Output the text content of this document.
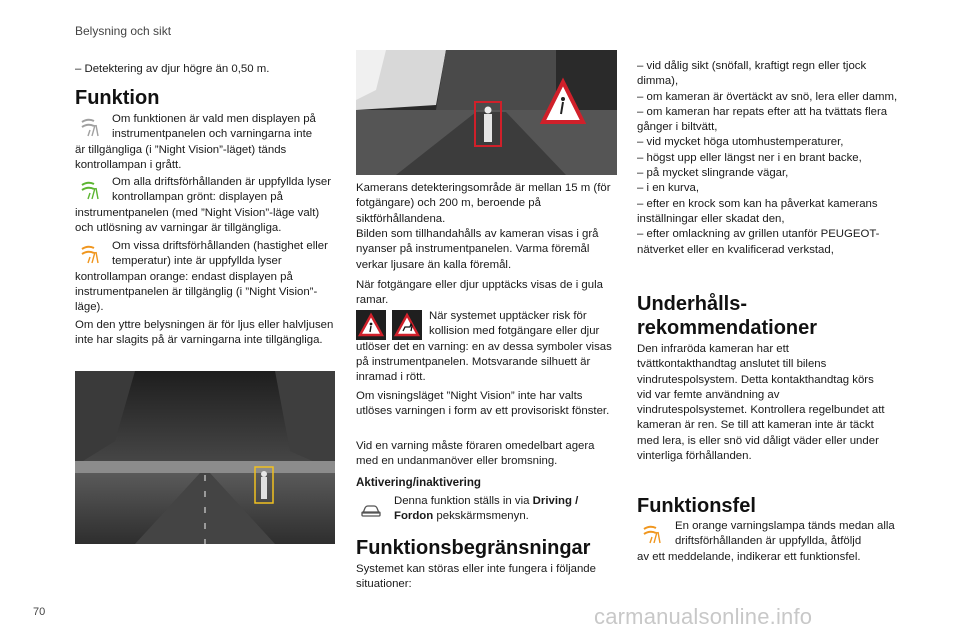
Belysning och sikt
70	carmanualsonline.info

– Detektering av djur högre än 0,50 m.

Funktion

Om funktionen är vald men displayen på instrumentpanelen och varningarna inte

är tillgängliga (i ”Night Vision”-läget) tänds kontrollampan i grått.

Om alla driftsförhållanden är uppfyllda lyser kontrollampan grönt: displayen på

instrumentpanelen (med ”Night Vision”-läge valt) och utlösning av varningar är tillgängliga.

Om vissa driftsförhållanden (hastighet eller temperatur) inte är uppfyllda lyser

kontrollampan orange: endast displayen på instrumentpanelen är tillgänglig (i ”Night Vision”-läge).

Om den yttre belysningen är för ljus eller halvljusen inte har slagits på är varningarna inte tillgängliga.

Kamerans detekteringsområde är mellan 15 m (för fotgängare) och 200 m, beroende på siktförhållandena.

Bilden som tillhandahålls av kameran visas i grå nyanser på instrumentpanelen. Varma föremål verkar ljusare än kalla föremål.

När fotgängare eller djur upptäcks visas de i gula ramar.

När systemet upptäcker risk för kollision med fotgängare eller djur

utlöser det en varning: en av dessa symboler visas på instrumentpanelen. Motsvarande silhuett är inramad i rött.

Om visningsläget ”Night Vision” inte har valts utlöses varningen i form av ett provisoriskt fönster.

Vid en varning måste föraren omedelbart agera med en undanmanöver eller bromsning.

Aktivering/inaktivering

Denna funktion ställs in via Driving / Fordon pekskärmsmenyn.

Funktionsbegränsningar

Systemet kan störas eller inte fungera i följande situationer:

– vid dålig sikt (snöfall, kraftigt regn eller tjock dimma),

– om kameran är övertäckt av snö, lera eller damm,

– om kameran har repats efter att ha tvättats flera gånger i biltvätt,

– vid mycket höga utomhustemperaturer,

– högst upp eller längst ner i en brant backe,

– på mycket slingrande vägar,

– i en kurva,

– efter en krock som kan ha påverkat kamerans inställningar eller skadat den,

– efter omlackning av grillen utanför PEUGEOT-nätverket eller en kvalificerad verkstad,

Underhålls-
rekommendationer

Den infraröda kameran har ett tvättkontakthandtag anslutet till bilens vindrutespolsystem. Detta kontakthandtag körs vid var femte användning av vindrutespolsystemet. Kontrollera regelbundet att kameran är ren. Se till att kameran inte är täckt med lera, is eller snö vid dåligt väder eller under vinterliga förhållanden.

Funktionsfel

En orange varningslampa tänds medan alla driftsförhållanden är uppfyllda, åtföljd

av ett meddelande, indikerar ett funktionsfel.
